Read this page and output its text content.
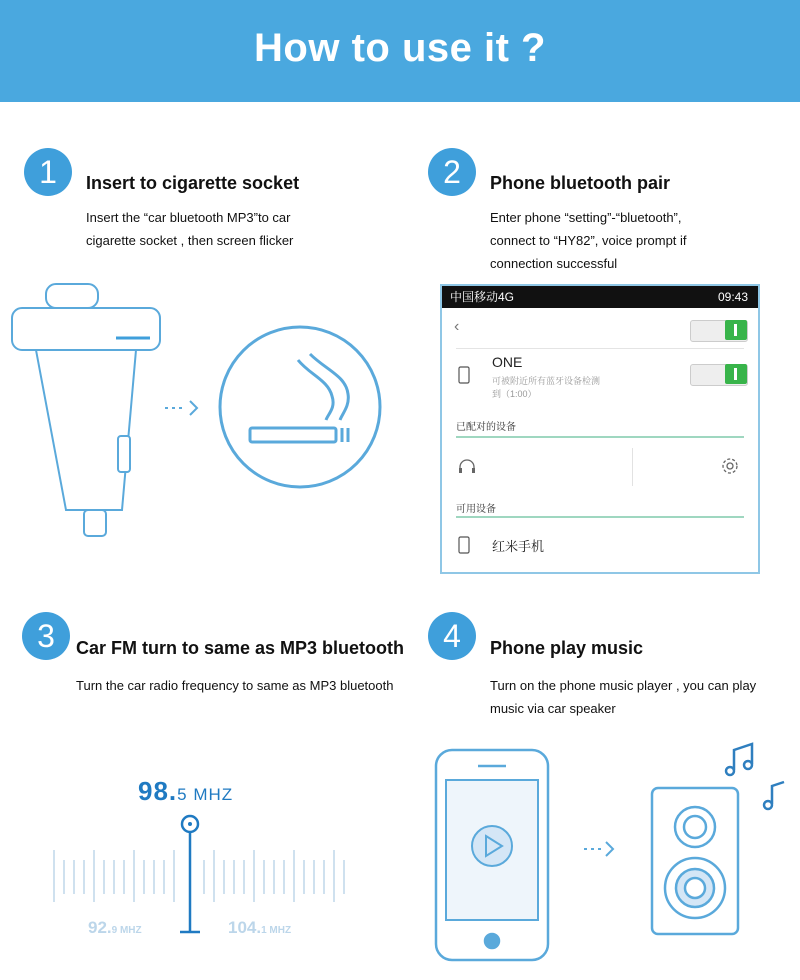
How to use it ?
1	Insert to cigarette socket
Insert the “car bluetooth MP3”to car
cigarette socket , then screen flicker
2	Phone bluetooth pair
Enter phone “setting”-“bluetooth”,
connect to “HY82”, voice prompt if
connection successful
中国移动4G	09:43
‹
ONE
可被附近所有蓝牙设备检测
到（1:00）
已配对的设备
可用设备
红米手机
3	Car FM turn to same as MP3 bluetooth
Turn the car radio frequency to same as MP3 bluetooth
98.5 MHZ
92.9 MHZ	104.1 MHZ
4	Phone play music
Turn on the phone music player , you can play
music via car speaker
